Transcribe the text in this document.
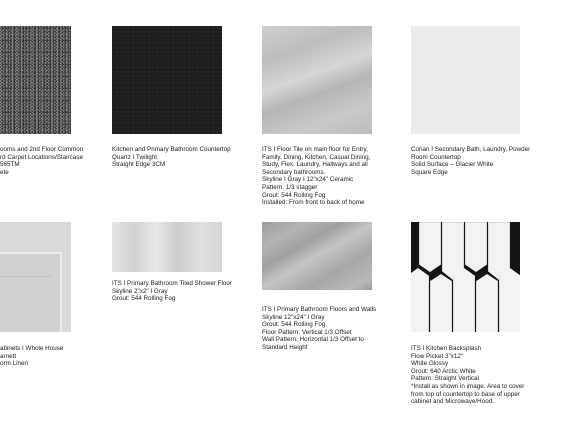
ooms and 2nd Floor Common
rd Carpet Locations/Staircase
565TM
ete
Kitchen and Primary Bathroom Countertop
Quartz I Twilight
Straight Edge 3CM
ITS I Floor Tile on main floor for Entry,
Family, Dining, Kitchen, Casual Dining,
Study, Flex, Laundry, Hallways and all
Secondary bathrooms.
Skyline I Gray I 12"x24" Ceramic
Pattern: 1/3 stagger
Grout: 544 Rolling Fog
Installed: From front to back of home
Corian I Secondary Bath, Laundry, Powder
Room Countertop
Solid Surface – Glacier White
Square Edge
abinets I Whole House
arnett
orm Linen
ITS I Primary Bathroom Tiled Shower Floor
Skyline 2"x2" I Gray
Grout: 544 Rolling Fog
ITS I Primary Bathroom Floors and Walls
Skyline 12"x24" I Gray
Grout: 544 Rolling Fog
Floor Pattern: Vertical 1/3 Offset
Wall Pattern: Horizontal 1/3 Offset to
Standard Height	ITS I Kitchen Backsplash
Flow Picket 3"x12"
White Glossy
Grout: 640 Arctic White
Pattern: Straight Vertical
*Install as shown in image. Area to cover
from top of countertop to base of upper
cabinet and Microwave/Hood.
